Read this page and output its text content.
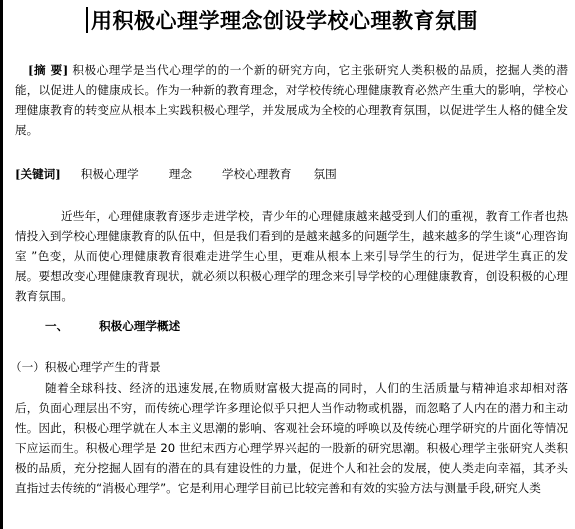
用积极心理学理念创设学校心理教育氛围
[摘 要] 积极心理学是当代心理学的的一个新的研究方向，它主张研究人类积极的品质，挖掘人类的潜能，以促进人的健康成长。作为一种新的教育理念，对学校传统心理健康教育必然产生重大的影响，学校心理健康教育的转变应从根本上实践积极心理学，并发展成为全校的心理教育氛围，以促进学生人格的健全发展。
[关键词] 积极心理学	理念	学校心理教育 氛围

近些年，心理健康教育逐步走进学校，青少年的心理健康越来越受到人们的重视，教育工作者也热情投入到学校心理健康教育的队伍中，但是我们看到的是越来越多的问题学生，越来越多的学生谈“心理咨询室 ”色变，从而使心理健康教育很难走进学生心里，更难从根本上来引导学生的行为，促进学生真正的发展。要想改变心理健康教育现状，就必须以积极心理学的理念来引导学校的心理健康教育，创设积极的心理教育氛围。

一、	积极心理学概述
（一）积极心理学产生的背景

随着全球科技、经济的迅速发展,在物质财富极大提高的同时，人们的生活质量与精神追求却相对落后，负面心理层出不穷，而传统心理学许多理论似乎只把人当作动物或机器，而忽略了人内在的潜力和主动性。因此，积极心理学就在人本主义思潮的影响、客观社会环境的呼唤以及传统心理学研究的片面化等情况下应运而生。积极心理学是 20 世纪末西方心理学界兴起的一股新的研究思潮。积极心理学主张研究人类积极的品质，充分挖掘人固有的潜在的具有建设性的力量，促进个人和社会的发展，使人类走向幸福，其矛头直指过去传统的“消极心理学”。它是利用心理学目前已比较完善和有效的实验方法与测量手段,研究人类
